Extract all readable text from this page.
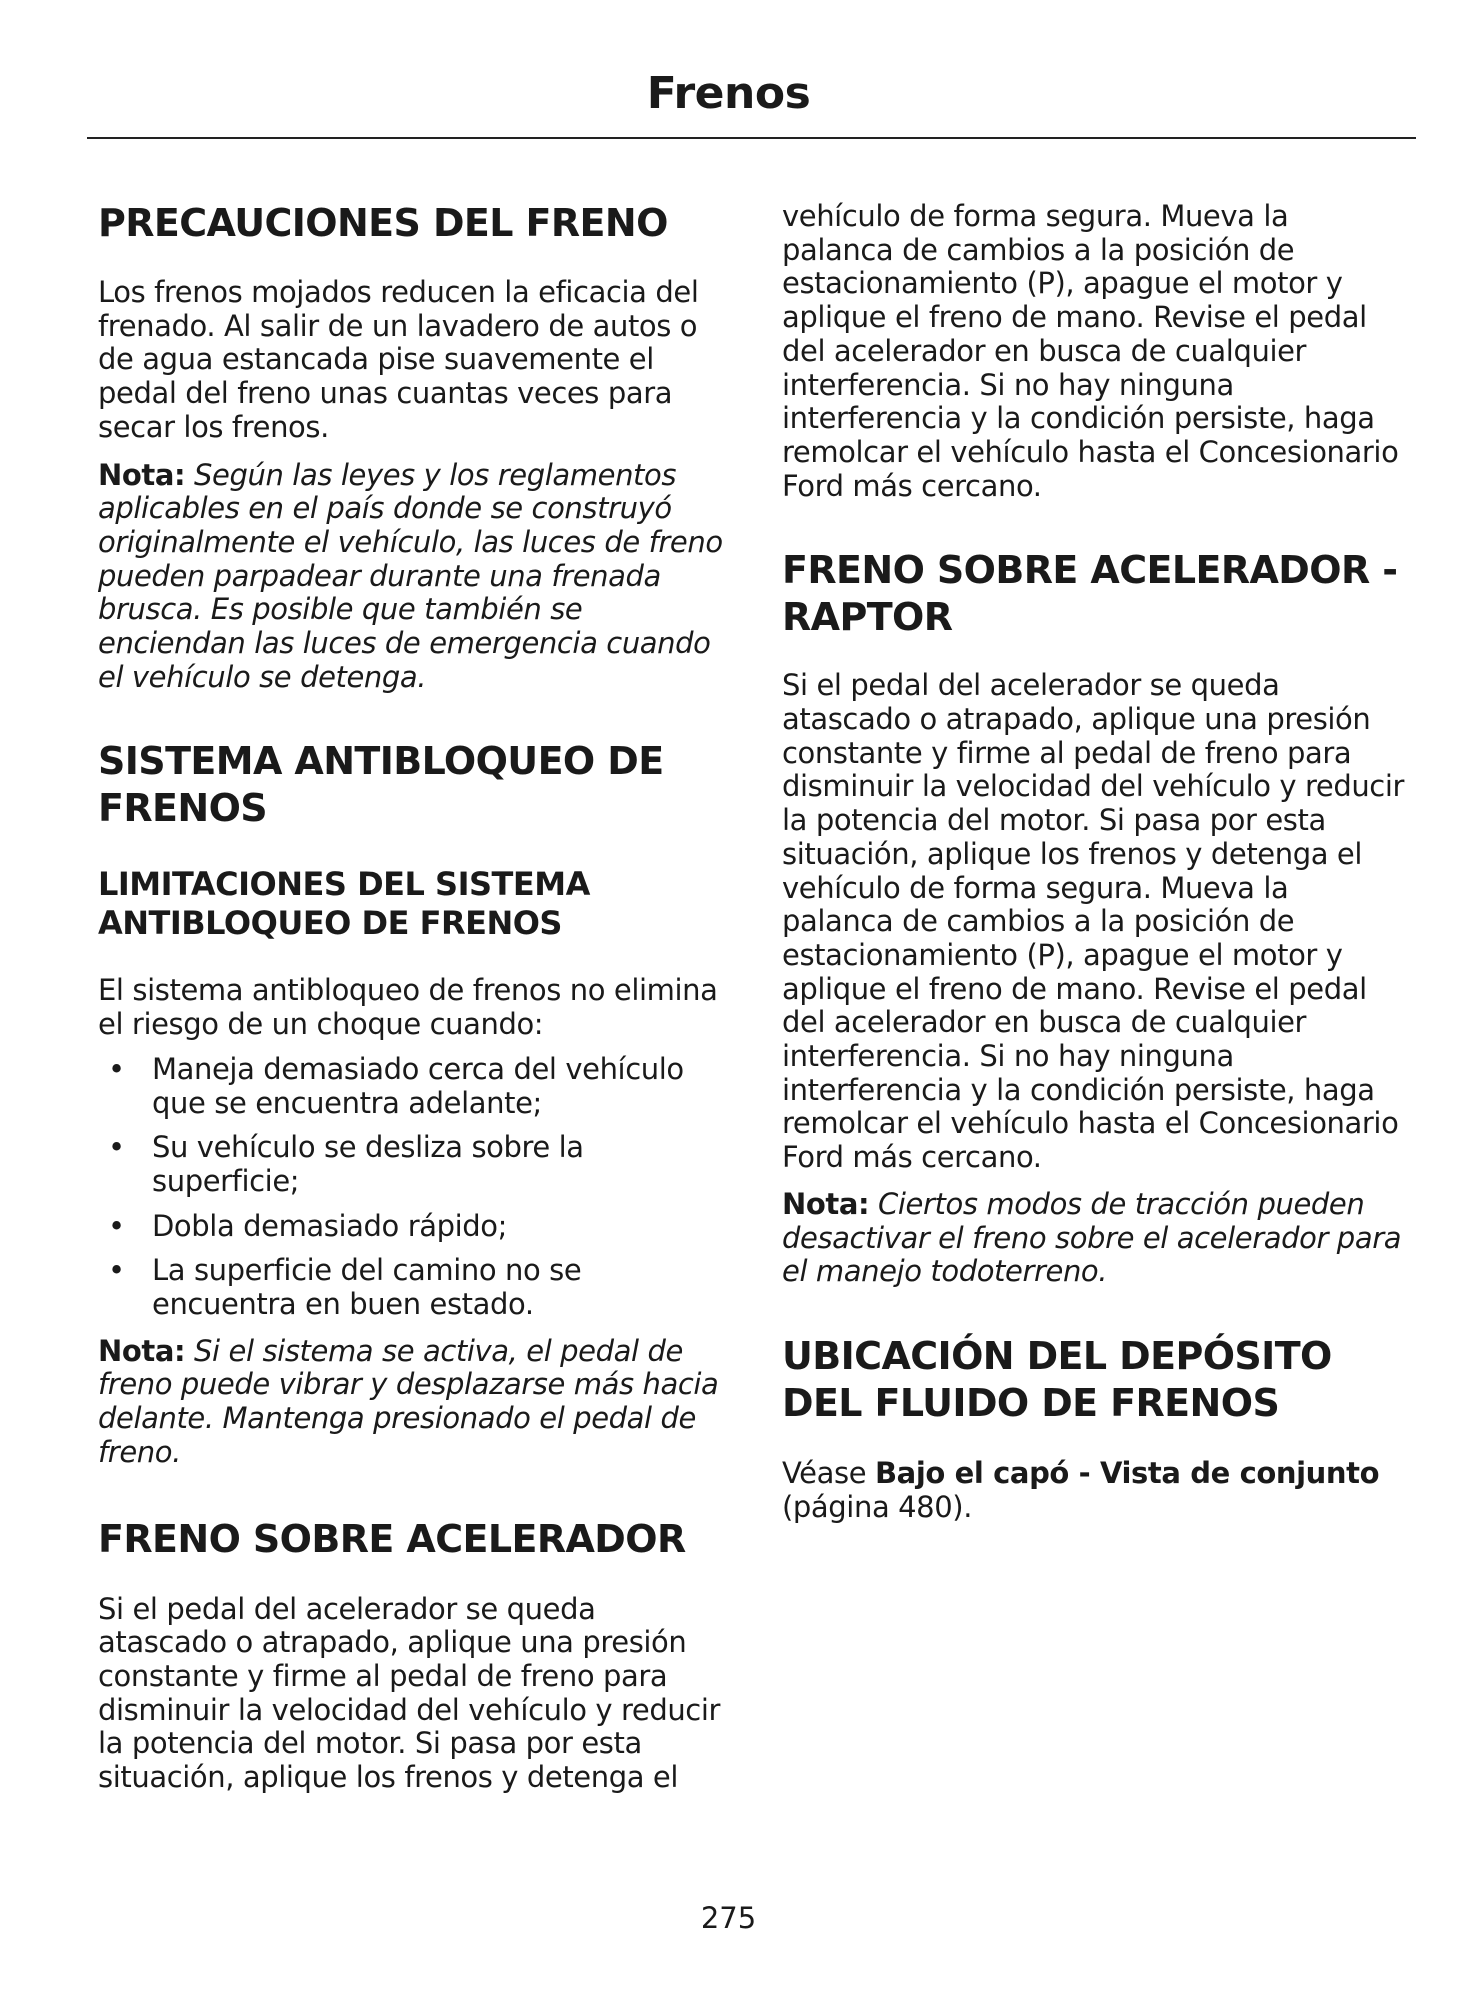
Frenos
PRECAUCIONES DEL FRENO

Los frenos mojados reducen la eficacia del frenado. Al salir de un lavadero de autos o de agua estancada pise suavemente el pedal del freno unas cuantas veces para secar los frenos.

Nota: Según las leyes y los reglamentos aplicables en el país donde se construyó originalmente el vehículo, las luces de freno pueden parpadear durante una frenada brusca. Es posible que también se enciendan las luces de emergencia cuando el vehículo se detenga.

SISTEMA ANTIBLOQUEO DE FRENOS
LIMITACIONES DEL SISTEMA ANTIBLOQUEO DE FRENOS

El sistema antibloqueo de frenos no elimina el riesgo de un choque cuando:

• Maneja demasiado cerca del vehículo que se encuentra adelante;
• Su vehículo se desliza sobre la superficie;
• Dobla demasiado rápido;
• La superficie del camino no se encuentra en buen estado.

Nota: Si el sistema se activa, el pedal de freno puede vibrar y desplazarse más hacia delante. Mantenga presionado el pedal de freno.

FRENO SOBRE ACELERADOR

Si el pedal del acelerador se queda atascado o atrapado, aplique una presión constante y firme al pedal de freno para disminuir la velocidad del vehículo y reducir la potencia del motor. Si pasa por esta situación, aplique los frenos y detenga el

vehículo de forma segura. Mueva la palanca de cambios a la posición de estacionamiento (P), apague el motor y aplique el freno de mano. Revise el pedal del acelerador en busca de cualquier interferencia. Si no hay ninguna interferencia y la condición persiste, haga remolcar el vehículo hasta el Concesionario Ford más cercano.

FRENO SOBRE ACELERADOR - RAPTOR

Si el pedal del acelerador se queda atascado o atrapado, aplique una presión constante y firme al pedal de freno para disminuir la velocidad del vehículo y reducir la potencia del motor. Si pasa por esta situación, aplique los frenos y detenga el vehículo de forma segura. Mueva la palanca de cambios a la posición de estacionamiento (P), apague el motor y aplique el freno de mano. Revise el pedal del acelerador en busca de cualquier interferencia. Si no hay ninguna interferencia y la condición persiste, haga remolcar el vehículo hasta el Concesionario Ford más cercano.

Nota: Ciertos modos de tracción pueden desactivar el freno sobre el acelerador para el manejo todoterreno.

UBICACIÓN DEL DEPÓSITO DEL FLUIDO DE FRENOS

Véase Bajo el capó - Vista de conjunto (página 480).

275
